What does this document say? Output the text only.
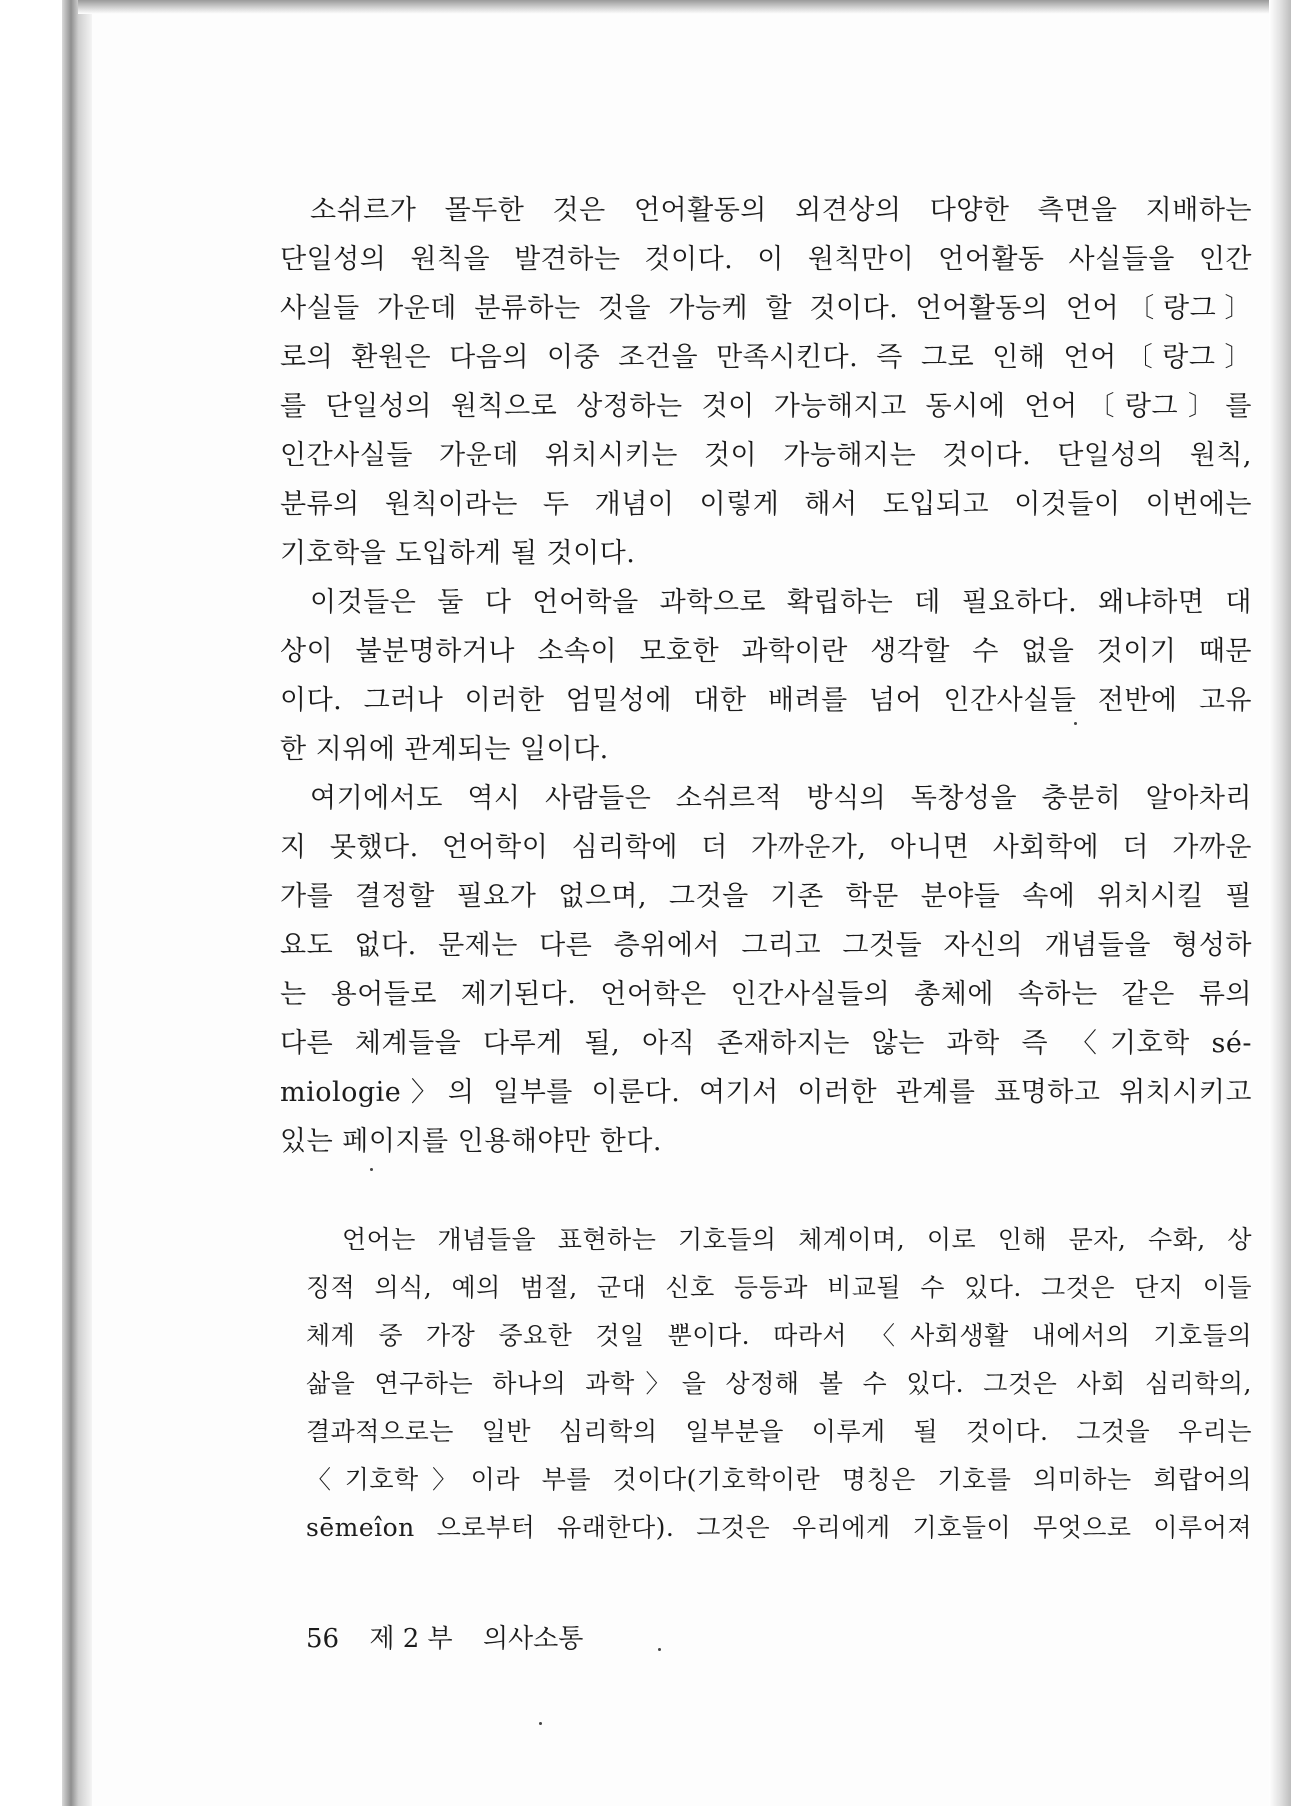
소쉬르가 몰두한 것은 언어활동의 외견상의 다양한 측면을 지배하는
단일성의 원칙을 발견하는 것이다. 이 원칙만이 언어활동 사실들을 인간
사실들 가운데 분류하는 것을 가능케 할 것이다. 언어활동의 언어〔랑그〕
로의 환원은 다음의 이중 조건을 만족시킨다. 즉 그로 인해 언어〔랑그〕
를 단일성의 원칙으로 상정하는 것이 가능해지고 동시에 언어〔랑그〕를
인간사실들 가운데 위치시키는 것이 가능해지는 것이다. 단일성의 원칙,
분류의 원칙이라는 두 개념이 이렇게 해서 도입되고 이것들이 이번에는
기호학을 도입하게 될 것이다.
이것들은 둘 다 언어학을 과학으로 확립하는 데 필요하다. 왜냐하면 대
상이 불분명하거나 소속이 모호한 과학이란 생각할 수 없을 것이기 때문
이다. 그러나 이러한 엄밀성에 대한 배려를 넘어 인간사실들 전반에 고유
한 지위에 관계되는 일이다.
여기에서도 역시 사람들은 소쉬르적 방식의 독창성을 충분히 알아차리
지 못했다. 언어학이 심리학에 더 가까운가, 아니면 사회학에 더 가까운
가를 결정할 필요가 없으며, 그것을 기존 학문 분야들 속에 위치시킬 필
요도 없다. 문제는 다른 층위에서 그리고 그것들 자신의 개념들을 형성하
는 용어들로 제기된다. 언어학은 인간사실들의 총체에 속하는 같은 류의
다른 체계들을 다루게 될, 아직 존재하지는 않는 과학 즉 〈기호학 sé-
miologie〉의 일부를 이룬다. 여기서 이러한 관계를 표명하고 위치시키고
있는 페이지를 인용해야만 한다.
언어는 개념들을 표현하는 기호들의 체계이며, 이로 인해 문자, 수화, 상
징적 의식, 예의 범절, 군대 신호 등등과 비교될 수 있다. 그것은 단지 이들
체계 중 가장 중요한 것일 뿐이다. 따라서 〈사회생활 내에서의 기호들의
삶을 연구하는 하나의 과학〉을 상정해 볼 수 있다. 그것은 사회 심리학의,
결과적으로는 일반 심리학의 일부분을 이루게 될 것이다. 그것을 우리는
〈기호학〉이라 부를 것이다(기호학이란 명칭은 기호를 의미하는 희랍어의
sēmeîon 으로부터 유래한다). 그것은 우리에게 기호들이 무엇으로 이루어져
56 제 2 부 의사소통
